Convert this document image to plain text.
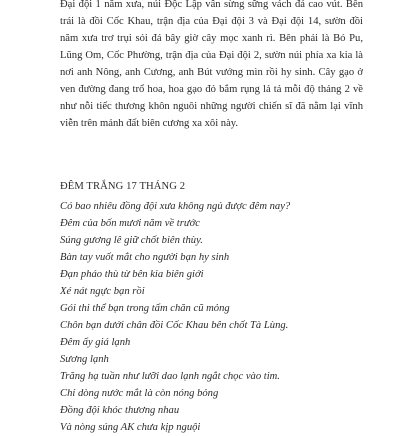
Đại đội 1 năm xưa, núi Độc Lập vẫn sừng sững vách đá cao vút. Bên trái là đồi Cốc Khau, trận địa của Đại đội 3 và Đại đội 14, sườn đồi năm xưa trơ trụi sỏi đá bây giờ cây mọc xanh rì. Bên phải là Bó Pu, Lũng Om, Cốc Phường, trận địa của Đại đội 2, sườn núi phía xa kia là nơi anh Nông, anh Cương, anh Bút vướng mìn rồi hy sinh. Cây gạo ở ven đường đang trổ hoa, hoa gạo đỏ bắm rụng lả tả mỗi độ tháng 2 về như nỗi tiếc thương khôn nguôi những người chiến sĩ đã nằm lại vĩnh viễn trên mảnh đất biên cương xa xôi này.

ĐÊM TRẮNG 17 THÁNG 2
Có bao nhiêu đồng đội xưa không ngủ được đêm nay?
Đêm của bốn mươi năm về trước
Súng gương lê giữ chốt biên thùy.
Bàn tay vuốt mắt cho người bạn hy sinh
Đạn pháo thù từ bên kia biên giới
Xé nát ngực bạn rồi
Gói thi thể bạn trong tấm chăn cũ mỏng
Chôn bạn dưới chân đồi Cốc Khau bên chốt Tà Lùng.
Đêm ấy giá lạnh
Sương lạnh
Trăng hạ tuần như lưỡi dao lạnh ngắt chọc vào tim.
Chỉ dòng nước mắt là còn nóng bỏng
Đồng đội khóc thương nhau
Và nòng súng AK chưa kịp nguội
